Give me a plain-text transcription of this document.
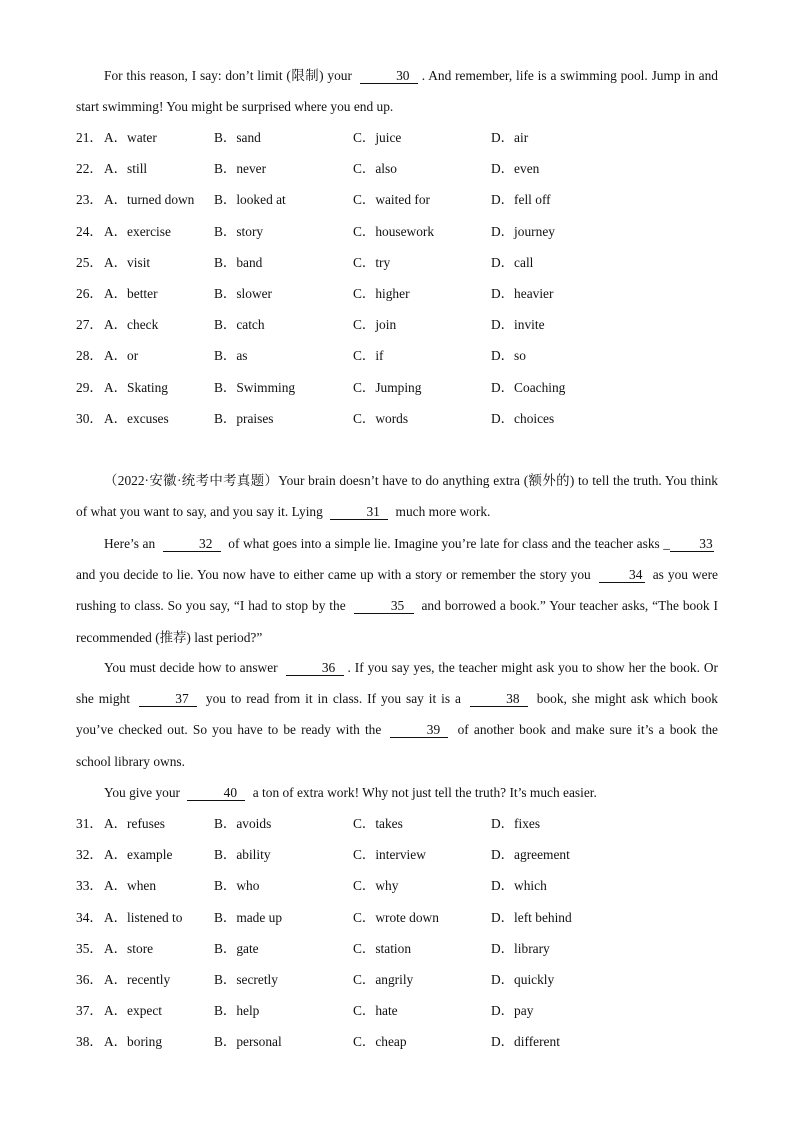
For this reason, I say: don’t limit (限制) your	30 . And remember, life is a swimming pool. Jump in and start swimming! You might be surprised where you end up.

21． A．water	B．sand	C．juice	D．air
22． A．still	B．never	C．also	D．even
23． A．turned down B．looked at	C．waited for	D．fell off
24． A．exercise	B．story	C．housework	D．journey
25． A．visit	B．band	C．try	D．call
26． A．better	B．slower	C．higher	D．heavier
27． A．check	B．catch	C．join	D．invite
28． A．or	B．as	C．if	D．so
29． A．Skating	B．Swimming	C．Jumping	D．Coaching
30． A．excuses	B．praises	C．words	D．choices

（2022·安徽·统考中考真题）Your brain doesn’t have to do anything extra (额外的) to tell the truth. You think of what you want to say, and you say it. Lying	31 much more work.

Here’s an	32 of what goes into a simple lie. Imagine you’re late for class and the teacher asks _ 33 and you decide to lie. You now have to either came up with a story or remember the story you	34 as you were rushing to class. So you say, “I had to stop by the	35 and borrowed a book.” Your teacher asks, “The book I recommended (推荐) last period?”

You must decide how to answer	36 . If you say yes, the teacher might ask you to show her the book. Or she might	37 you to read from it in class. If you say it is a	38 book, she might ask which book you’ve checked out. So you have to be ready with the	39 of another book and make sure it’s a book the school library owns.

You give your	40 a ton of extra work! Why not just tell the truth? It’s much easier.

31． A．refuses	B．avoids	C．takes	D．fixes
32． A．example	B．ability	C．interview	D．agreement
33． A．when	B．who	C．why	D．which
34． A．listened to B．made up	C．wrote down	D．left behind
35． A．store	B．gate	C．station	D．library
36． A．recently	B．secretly	C．angrily	D．quickly
37． A．expect	B．help	C．hate	D．pay
38． A．boring	B．personal	C．cheap	D．different
